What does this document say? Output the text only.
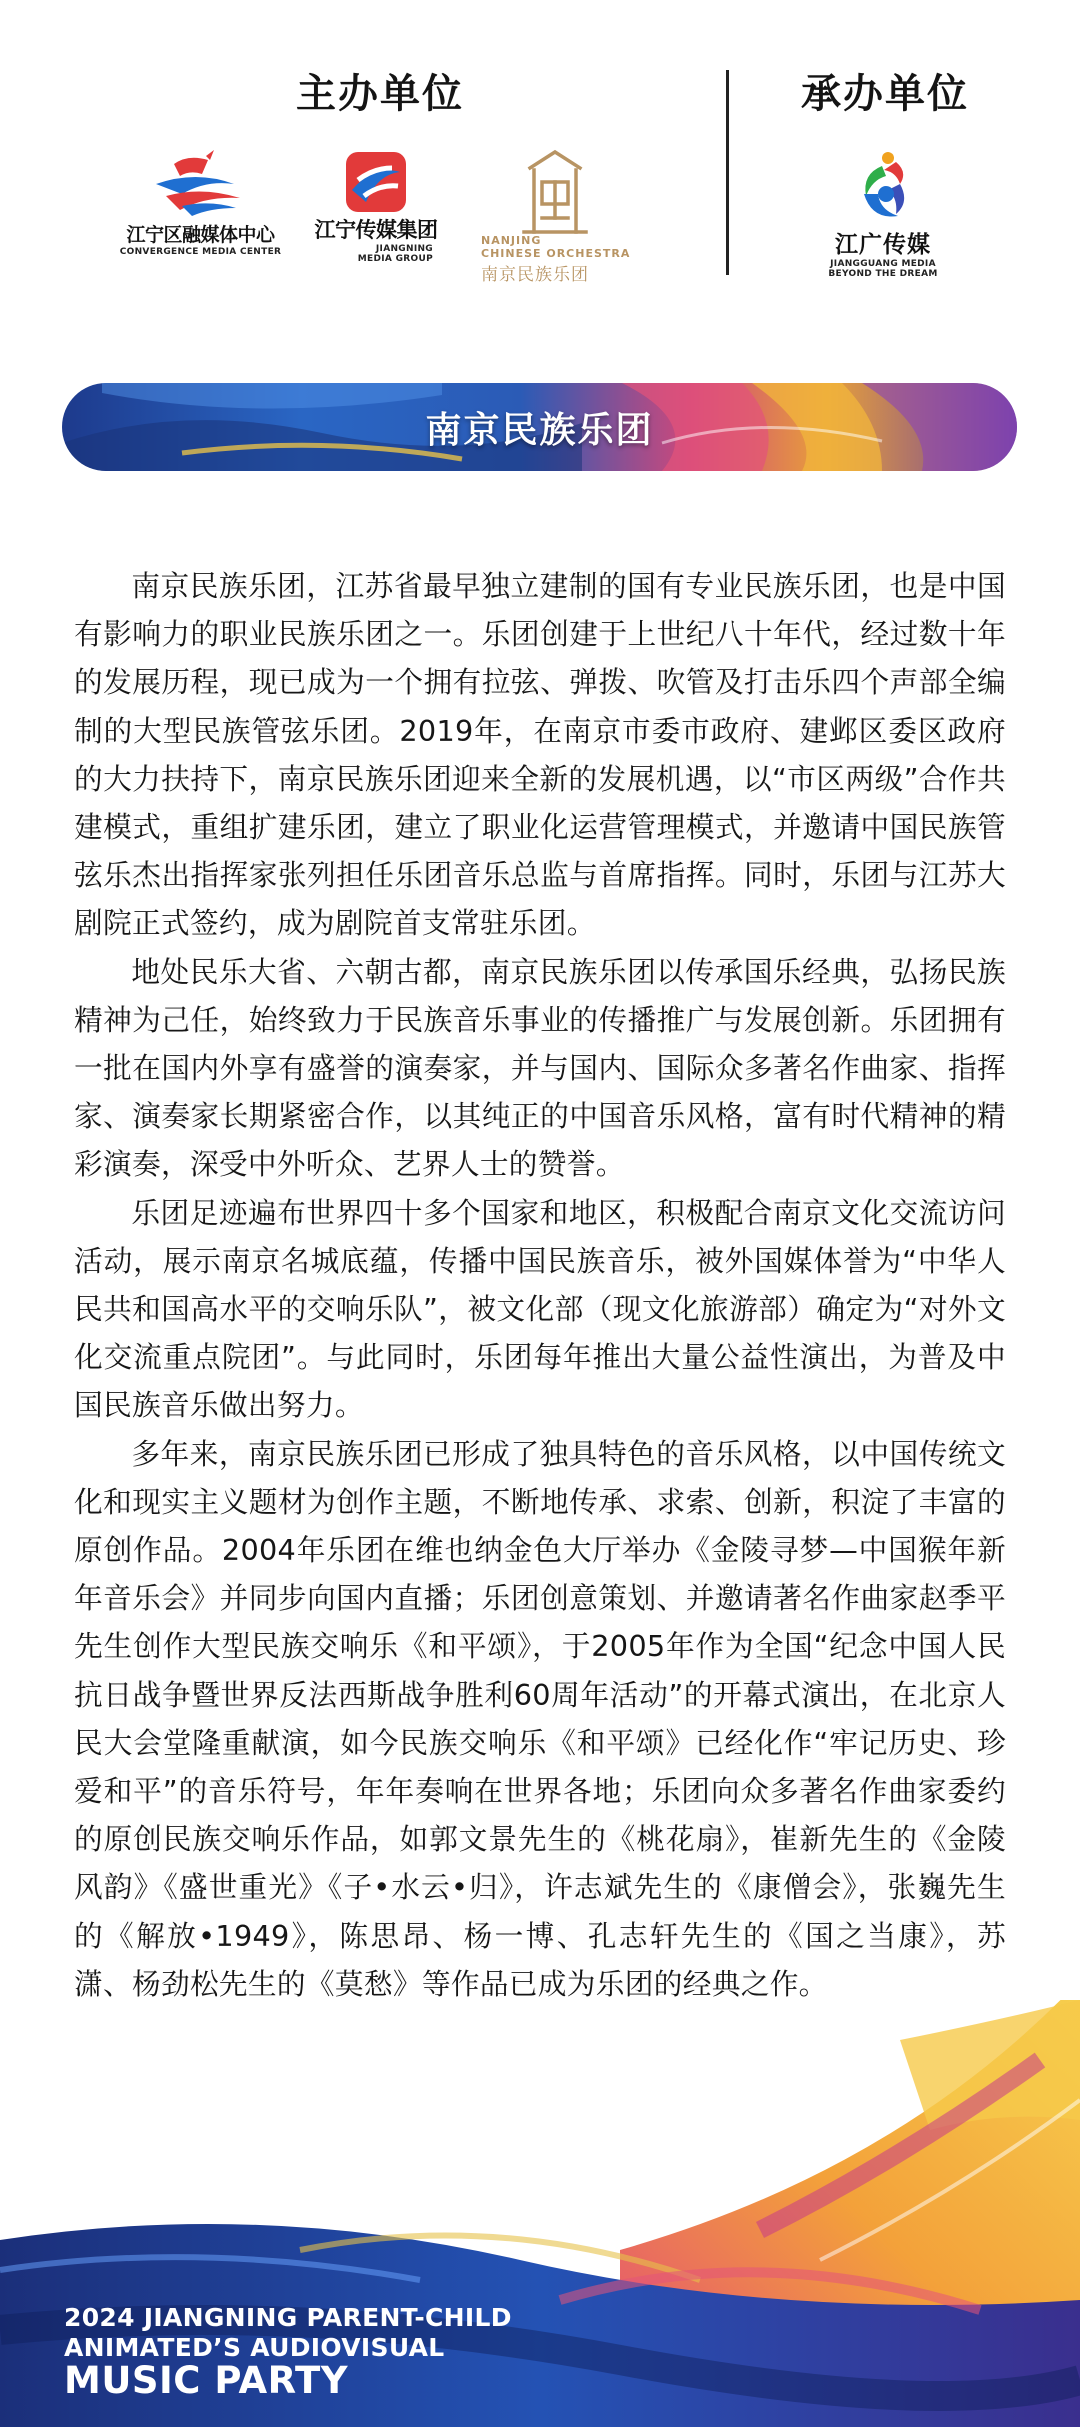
主办单位	承办单位
江宁区融媒体中心
CONVERGENCE MEDIA CENTER
江宁传媒集团
JIANGNING
MEDIA GROUP
NANJING
CHINESE ORCHESTRA
南京民族乐团
江广传媒
JIANGGUANG MEDIA
BEYOND THE DREAM
南京民族乐团

南京民族乐团，江苏省最早独立建制的国有专业民族乐团，也是中国有影响力的职业民族乐团之一。乐团创建于上世纪八十年代，经过数十年的发展历程，现已成为一个拥有拉弦、弹拨、吹管及打击乐四个声部全编制的大型民族管弦乐团。2019年，在南京市委市政府、建邺区委区政府的大力扶持下，南京民族乐团迎来全新的发展机遇，以“市区两级”合作共建模式，重组扩建乐团，建立了职业化运营管理模式，并邀请中国民族管弦乐杰出指挥家张列担任乐团音乐总监与首席指挥。同时，乐团与江苏大剧院正式签约，成为剧院首支常驻乐团。

地处民乐大省、六朝古都，南京民族乐团以传承国乐经典，弘扬民族精神为己任，始终致力于民族音乐事业的传播推广与发展创新。乐团拥有一批在国内外享有盛誉的演奏家，并与国内、国际众多著名作曲家、指挥家、演奏家长期紧密合作，以其纯正的中国音乐风格，富有时代精神的精彩演奏，深受中外听众、艺界人士的赞誉。

乐团足迹遍布世界四十多个国家和地区，积极配合南京文化交流访问活动，展示南京名城底蕴，传播中国民族音乐，被外国媒体誉为“中华人民共和国高水平的交响乐队”，被文化部（现文化旅游部）确定为“对外文化交流重点院团”。与此同时，乐团每年推出大量公益性演出，为普及中国民族音乐做出努力。

多年来，南京民族乐团已形成了独具特色的音乐风格，以中国传统文化和现实主义题材为创作主题，不断地传承、求索、创新，积淀了丰富的原创作品。2004年乐团在维也纳金色大厅举办《金陵寻梦—中国猴年新年音乐会》并同步向国内直播；乐团创意策划、并邀请著名作曲家赵季平先生创作大型民族交响乐《和平颂》，于2005年作为全国“纪念中国人民抗日战争暨世界反法西斯战争胜利60周年活动”的开幕式演出，在北京人民大会堂隆重献演，如今民族交响乐《和平颂》已经化作“牢记历史、珍爱和平”的音乐符号，年年奏响在世界各地；乐团向众多著名作曲家委约的原创民族交响乐作品，如郭文景先生的《桃花扇》，崔新先生的《金陵风韵》《盛世重光》《子•水云•归》，许志斌先生的《康僧会》，张巍先生的《解放•1949》，陈思昂、杨一博、孔志轩先生的《国之当康》，苏潇、杨劲松先生的《莫愁》等作品已成为乐团的经典之作。

2024 JIANGNING PARENT-CHILD
ANIMATED’S AUDIOVISUAL
MUSIC PARTY
